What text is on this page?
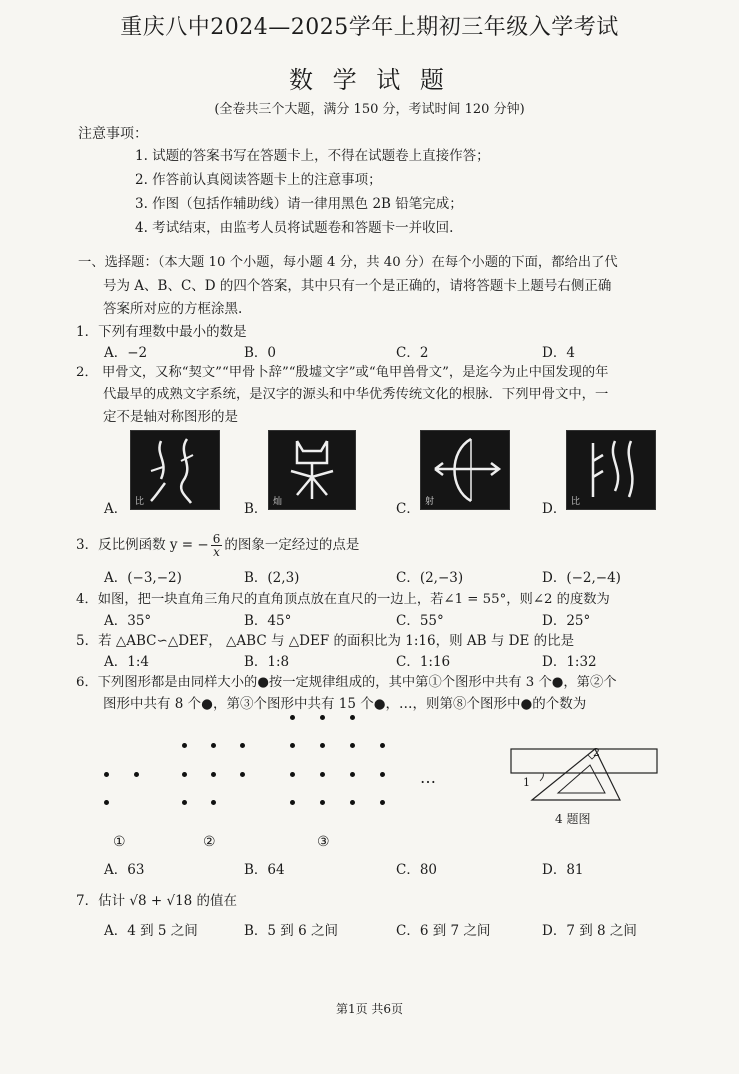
重庆八中2024—2025学年上期初三年级入学考试
数 学 试 题
(全卷共三个大题，满分 150 分，考试时间 120 分钟)
注意事项：
1. 试题的答案书写在答题卡上，不得在试题卷上直接作答；
2. 作答前认真阅读答题卡上的注意事项；
3. 作图（包括作辅助线）请一律用黑色 2B 铅笔完成；
4. 考试结束，由监考人员将试题卷和答题卡一并收回.
一、选择题：（本大题 10 个小题，每小题 4 分，共 40 分）在每个小题的下面，都给出了代
号为 A、B、C、D 的四个答案，其中只有一个是正确的，请将答题卡上题号右侧正确
答案所对应的方框涂黑.
1．下列有理数中最小的数是
A．−2	B．0	C．2	D．4
2． 甲骨文，又称“契文”“甲骨卜辞”“殷墟文字”或“龟甲兽骨文”，是迄今为止中国发现的年
代最早的成熟文字系统，是汉字的源头和中华优秀传统文化的根脉．下列甲骨文中，一
定不是轴对称图形的是
A．	B．	C．	D．
比	灿	射	比
3．反比例函数 y = − $\frac{6}{x}$ 的图象一定经过的点是
A．(−3,−2)	B．(2,3)	C．(2,−3)	D．(−2,−4)
4．如图，把一块直角三角尺的直角顶点放在直尺的一边上，若∠1 = 55°，则∠2 的度数为
A．35°	B．45°	C．55°	D．25°
5．若 △ABC∽△DEF， △ABC 与 △DEF 的面积比为 1:16，则 AB 与 DE 的比是
A．1:4	B．1:8	C．1:16	D．1:32
6．下列图形都是由同样大小的●按一定规律组成的，其中第①个图形中共有 3 个●，第②个
图形中共有 8 个●，第③个图形中共有 15 个●，…，则第⑧个图形中●的个数为
…
①	②	③
1
2
4 题图
A．63	B．64	C．80	D．81
7．估计 √8 + √18 的值在
A．4 到 5 之间	B．5 到 6 之间	C．6 到 7 之间	D．7 到 8 之间
第1页 共6页
